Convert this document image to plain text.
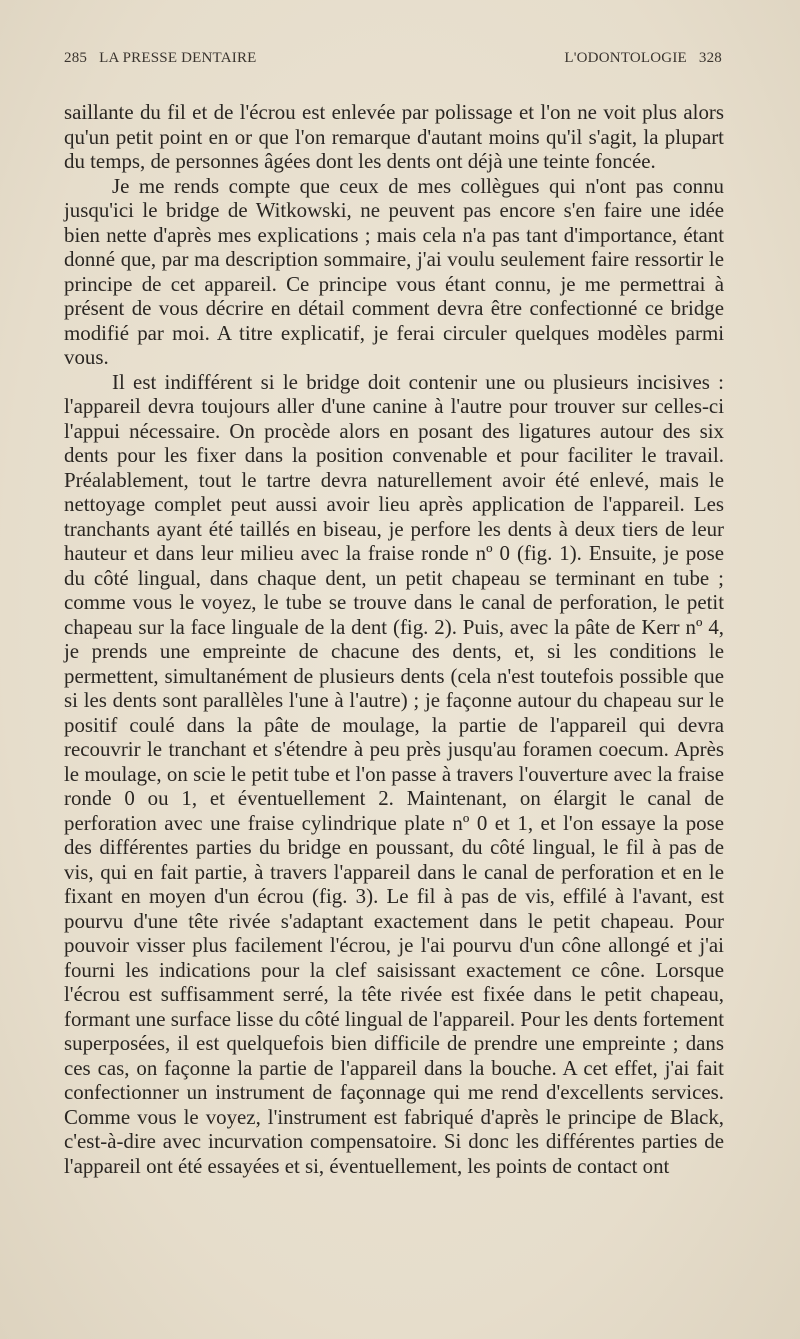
285 LA PRESSE DENTAIRE	L'ODONTOLOGIE 328

saillante du fil et de l'écrou est enlevée par polissage et l'on ne voit plus alors qu'un petit point en or que l'on remarque d'autant moins qu'il s'agit, la plupart du temps, de personnes âgées dont les dents ont déjà une teinte foncée.

Je me rends compte que ceux de mes collègues qui n'ont pas connu jusqu'ici le bridge de Witkowski, ne peuvent pas encore s'en faire une idée bien nette d'après mes explications ; mais cela n'a pas tant d'importance, étant donné que, par ma description sommaire, j'ai voulu seulement faire ressortir le principe de cet appareil. Ce principe vous étant connu, je me permettrai à présent de vous décrire en détail comment devra être confectionné ce bridge modifié par moi. A titre explicatif, je ferai circuler quelques modèles parmi vous.

Il est indifférent si le bridge doit contenir une ou plusieurs incisives : l'appareil devra toujours aller d'une canine à l'autre pour trouver sur celles-ci l'appui nécessaire. On procède alors en posant des ligatures autour des six dents pour les fixer dans la position convenable et pour faciliter le travail. Préalablement, tout le tartre devra naturellement avoir été enlevé, mais le nettoyage complet peut aussi avoir lieu après application de l'appareil. Les tranchants ayant été taillés en biseau, je perfore les dents à deux tiers de leur hauteur et dans leur milieu avec la fraise ronde nº 0 (fig. 1). Ensuite, je pose du côté lingual, dans chaque dent, un petit chapeau se terminant en tube ; comme vous le voyez, le tube se trouve dans le canal de perforation, le petit chapeau sur la face linguale de la dent (fig. 2). Puis, avec la pâte de Kerr nº 4, je prends une empreinte de chacune des dents, et, si les conditions le permettent, simultanément de plusieurs dents (cela n'est toutefois possible que si les dents sont parallèles l'une à l'autre) ; je façonne autour du chapeau sur le positif coulé dans la pâte de moulage, la partie de l'appareil qui devra recouvrir le tranchant et s'étendre à peu près jusqu'au foramen coecum. Après le moulage, on scie le petit tube et l'on passe à travers l'ouverture avec la fraise ronde 0 ou 1, et éventuellement 2. Maintenant, on élargit le canal de perforation avec une fraise cylindrique plate nº 0 et 1, et l'on essaye la pose des différentes parties du bridge en poussant, du côté lingual, le fil à pas de vis, qui en fait partie, à travers l'appareil dans le canal de perforation et en le fixant en moyen d'un écrou (fig. 3). Le fil à pas de vis, effilé à l'avant, est pourvu d'une tête rivée s'adaptant exactement dans le petit chapeau. Pour pouvoir visser plus facilement l'écrou, je l'ai pourvu d'un cône allongé et j'ai fourni les indications pour la clef saisissant exactement ce cône. Lorsque l'écrou est suffisamment serré, la tête rivée est fixée dans le petit chapeau, formant une surface lisse du côté lingual de l'appareil. Pour les dents fortement superposées, il est quelquefois bien difficile de prendre une empreinte ; dans ces cas, on façonne la partie de l'appareil dans la bouche. A cet effet, j'ai fait confectionner un instrument de façonnage qui me rend d'excellents services. Comme vous le voyez, l'instrument est fabriqué d'après le principe de Black, c'est-à-dire avec incurvation compensatoire. Si donc les différentes parties de l'appareil ont été essayées et si, éventuellement, les points de contact ont
